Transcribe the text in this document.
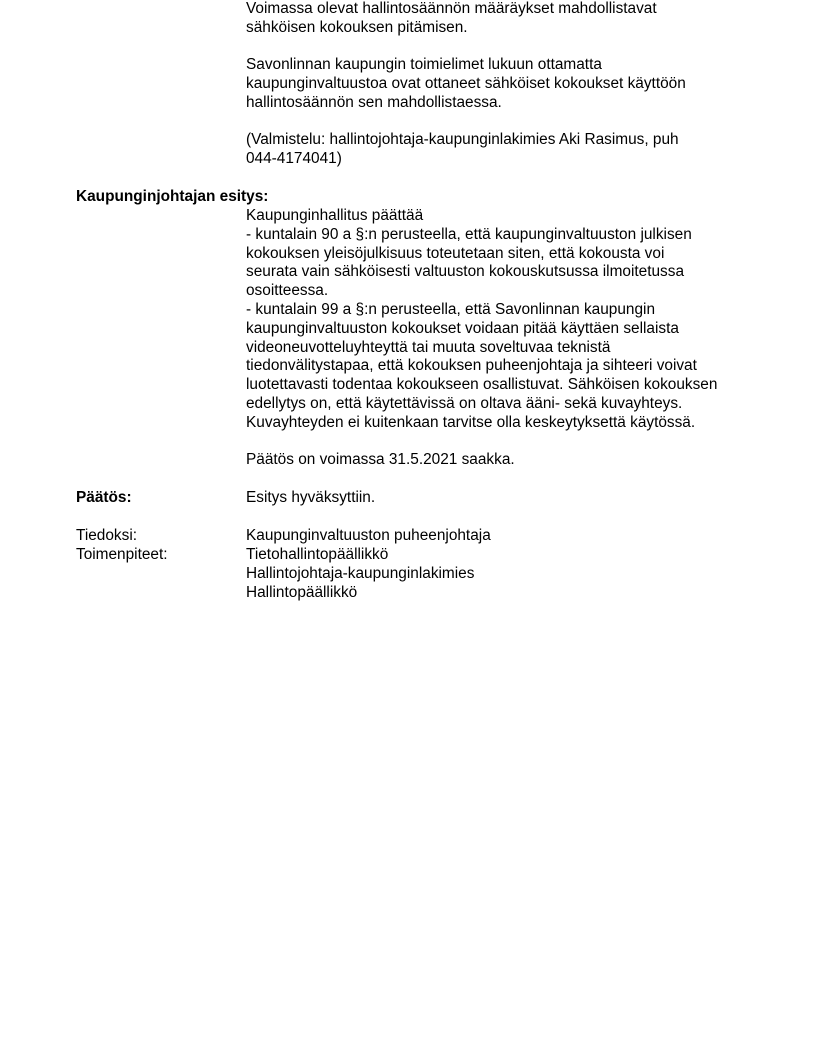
Voimassa olevat hallintosäännön määräykset mahdollistavat
sähköisen kokouksen pitämisen.
Savonlinnan kaupungin toimielimet lukuun ottamatta
kaupunginvaltuustoa ovat ottaneet sähköiset kokoukset käyttöön
hallintosäännön sen mahdollistaessa.
(Valmistelu: hallintojohtaja-kaupunginlakimies Aki Rasimus, puh
044-4174041)
Kaupunginjohtajan esitys:
Kaupunginhallitus päättää
- kuntalain 90 a §:n perusteella, että kaupunginvaltuuston julkisen
kokouksen yleisöjulkisuus toteutetaan siten, että kokousta voi
seurata vain sähköisesti valtuuston kokouskutsussa ilmoitetussa
osoitteessa.
- kuntalain 99 a §:n perusteella, että Savonlinnan kaupungin
kaupunginvaltuuston kokoukset voidaan pitää käyttäen sellaista
videoneuvotteluyhteyttä tai muuta soveltuvaa teknistä
tiedonvälitystapaa, että kokouksen puheenjohtaja ja sihteeri voivat
luotettavasti todentaa kokoukseen osallistuvat. Sähköisen kokouksen
edellytys on, että käytettävissä on oltava ääni- sekä kuvayhteys.
Kuvayhteyden ei kuitenkaan tarvitse olla keskeytyksettä käytössä.
Päätös on voimassa 31.5.2021 saakka.
Päätös:	Esitys hyväksyttiin.
Tiedoksi:	Kaupunginvaltuuston puheenjohtaja
Toimenpiteet:	Tietohallintopäällikkö
Hallintojohtaja-kaupunginlakimies
Hallintopäällikkö
